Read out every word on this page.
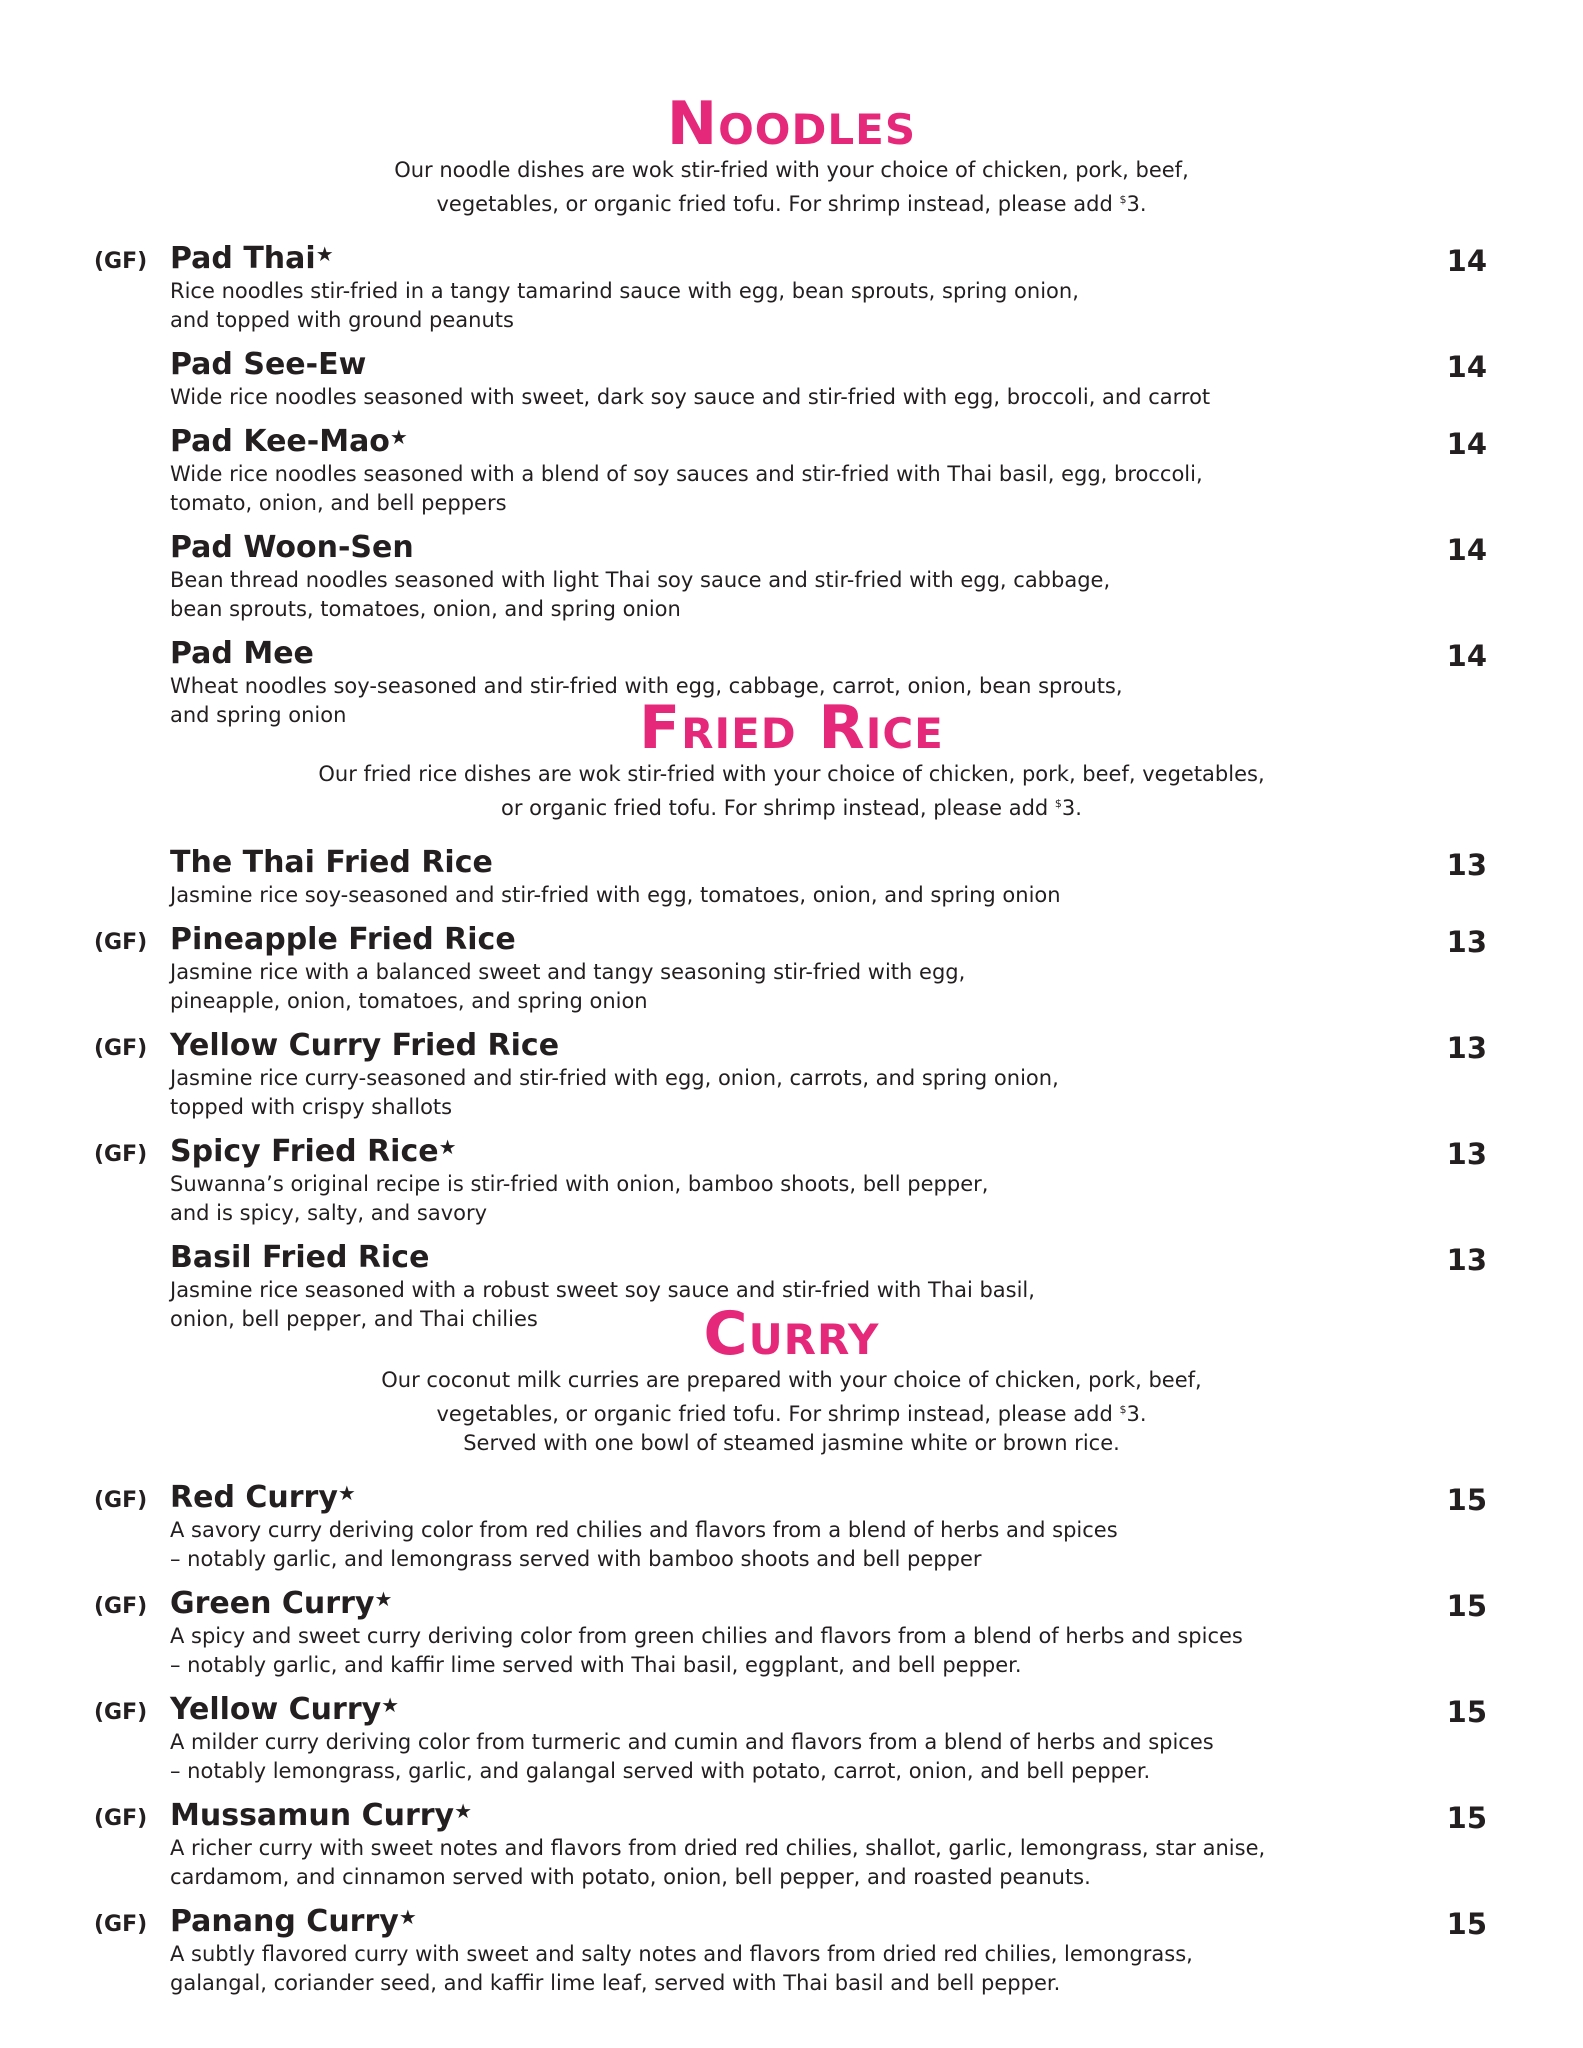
Noodles
Our noodle dishes are wok stir-fried with your choice of chicken, pork, beef,
vegetables, or organic fried tofu. For shrimp instead, please add $3.
(GF) Pad Thai★	14
Rice noodles stir-fried in a tangy tamarind sauce with egg, bean sprouts, spring onion,
and topped with ground peanuts
Pad See-Ew	14
Wide rice noodles seasoned with sweet, dark soy sauce and stir-fried with egg, broccoli, and carrot
Pad Kee-Mao★	14
Wide rice noodles seasoned with a blend of soy sauces and stir-fried with Thai basil, egg, broccoli,
tomato, onion, and bell peppers
Pad Woon-Sen	14
Bean thread noodles seasoned with light Thai soy sauce and stir-fried with egg, cabbage,
bean sprouts, tomatoes, onion, and spring onion
Pad Mee	14
Wheat noodles soy-seasoned and stir-fried with egg, cabbage, carrot, onion, bean sprouts,
and spring onion	Fried Rice
Our fried rice dishes are wok stir-fried with your choice of chicken, pork, beef, vegetables,
or organic fried tofu. For shrimp instead, please add $3.
The Thai Fried Rice	13
Jasmine rice soy-seasoned and stir-fried with egg, tomatoes, onion, and spring onion
(GF) Pineapple Fried Rice	13
Jasmine rice with a balanced sweet and tangy seasoning stir-fried with egg,
pineapple, onion, tomatoes, and spring onion
(GF) Yellow Curry Fried Rice	13
Jasmine rice curry-seasoned and stir-fried with egg, onion, carrots, and spring onion,
topped with crispy shallots
(GF) Spicy Fried Rice★	13
Suwanna’s original recipe is stir-fried with onion, bamboo shoots, bell pepper,
and is spicy, salty, and savory
Basil Fried Rice	13
Jasmine rice seasoned with a robust sweet soy sauce and stir-fried with Thai basil,
onion, bell pepper, and Thai chilies	Curry
Our coconut milk curries are prepared with your choice of chicken, pork, beef,
vegetables, or organic fried tofu. For shrimp instead, please add $3.
Served with one bowl of steamed jasmine white or brown rice.
(GF) Red Curry★	15
A savory curry deriving color from red chilies and flavors from a blend of herbs and spices
– notably garlic, and lemongrass served with bamboo shoots and bell pepper
(GF) Green Curry★	15
A spicy and sweet curry deriving color from green chilies and flavors from a blend of herbs and spices
– notably garlic, and kaffir lime served with Thai basil, eggplant, and bell pepper.
(GF) Yellow Curry★	15
A milder curry deriving color from turmeric and cumin and flavors from a blend of herbs and spices
– notably lemongrass, garlic, and galangal served with potato, carrot, onion, and bell pepper.
(GF) Mussamun Curry★	15
A richer curry with sweet notes and flavors from dried red chilies, shallot, garlic, lemongrass, star anise,
cardamom, and cinnamon served with potato, onion, bell pepper, and roasted peanuts.
(GF) Panang Curry★	15
A subtly flavored curry with sweet and salty notes and flavors from dried red chilies, lemongrass,
galangal, coriander seed, and kaffir lime leaf, served with Thai basil and bell pepper.
